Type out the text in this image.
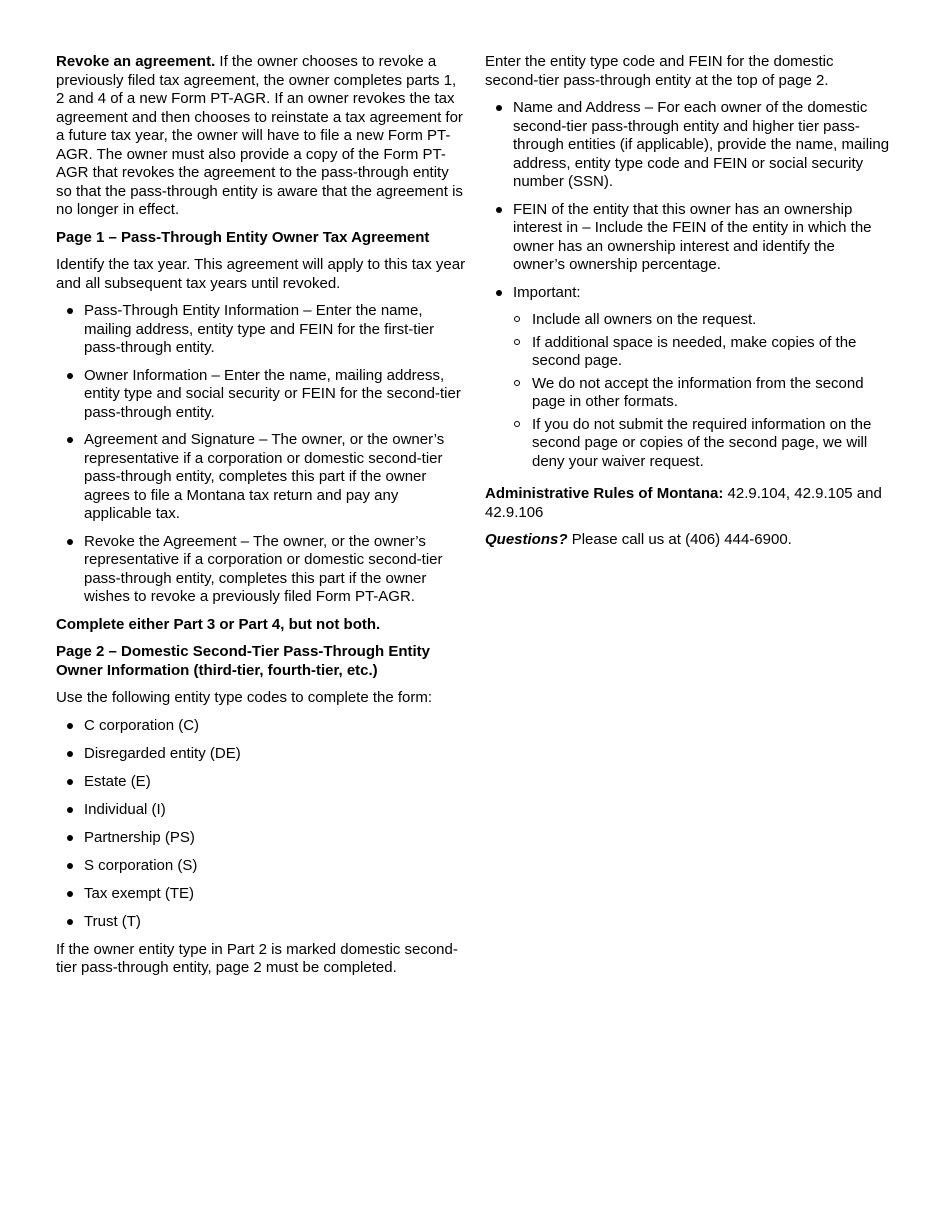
Revoke an agreement. If the owner chooses to revoke a previously filed tax agreement, the owner completes parts 1, 2 and 4 of a new Form PT-AGR. If an owner revokes the tax agreement and then chooses to reinstate a tax agreement for a future tax year, the owner will have to file a new Form PT-AGR. The owner must also provide a copy of the Form PT-AGR that revokes the agreement to the pass-through entity so that the pass-through entity is aware that the agreement is no longer in effect.

Page 1 – Pass-Through Entity Owner Tax Agreement

Identify the tax year. This agreement will apply to this tax year and all subsequent tax years until revoked.

Pass-Through Entity Information – Enter the name, mailing address, entity type and FEIN for the first-tier pass-through entity.
Owner Information – Enter the name, mailing address, entity type and social security or FEIN for the second-tier pass-through entity.
Agreement and Signature – The owner, or the owner’s representative if a corporation or domestic second-tier pass-through entity, completes this part if the owner agrees to file a Montana tax return and pay any applicable tax.
Revoke the Agreement – The owner, or the owner’s representative if a corporation or domestic second-tier pass-through entity, completes this part if the owner wishes to revoke a previously filed Form PT-AGR.
Complete either Part 3 or Part 4, but not both.
Page 2 – Domestic Second-Tier Pass-Through Entity Owner Information (third-tier, fourth-tier, etc.)

Use the following entity type codes to complete the form:

C corporation (C)
Disregarded entity (DE)
Estate (E)
Individual (I)
Partnership (PS)
S corporation (S)
Tax exempt (TE)
Trust (T)

If the owner entity type in Part 2 is marked domestic second-tier pass-through entity, page 2 must be completed.

Enter the entity type code and FEIN for the domestic second-tier pass-through entity at the top of page 2.

Name and Address – For each owner of the domestic second-tier pass-through entity and higher tier pass-through entities (if applicable), provide the name, mailing address, entity type code and FEIN or social security number (SSN).
FEIN of the entity that this owner has an ownership interest in – Include the FEIN of the entity in which the owner has an ownership interest and identify the owner’s ownership percentage.
Important:
Include all owners on the request.
If additional space is needed, make copies of the second page.
We do not accept the information from the second page in other formats.
If you do not submit the required information on the second page or copies of the second page, we will deny your waiver request.

Administrative Rules of Montana: 42.9.104, 42.9.105 and 42.9.106

Questions? Please call us at (406) 444-6900.
